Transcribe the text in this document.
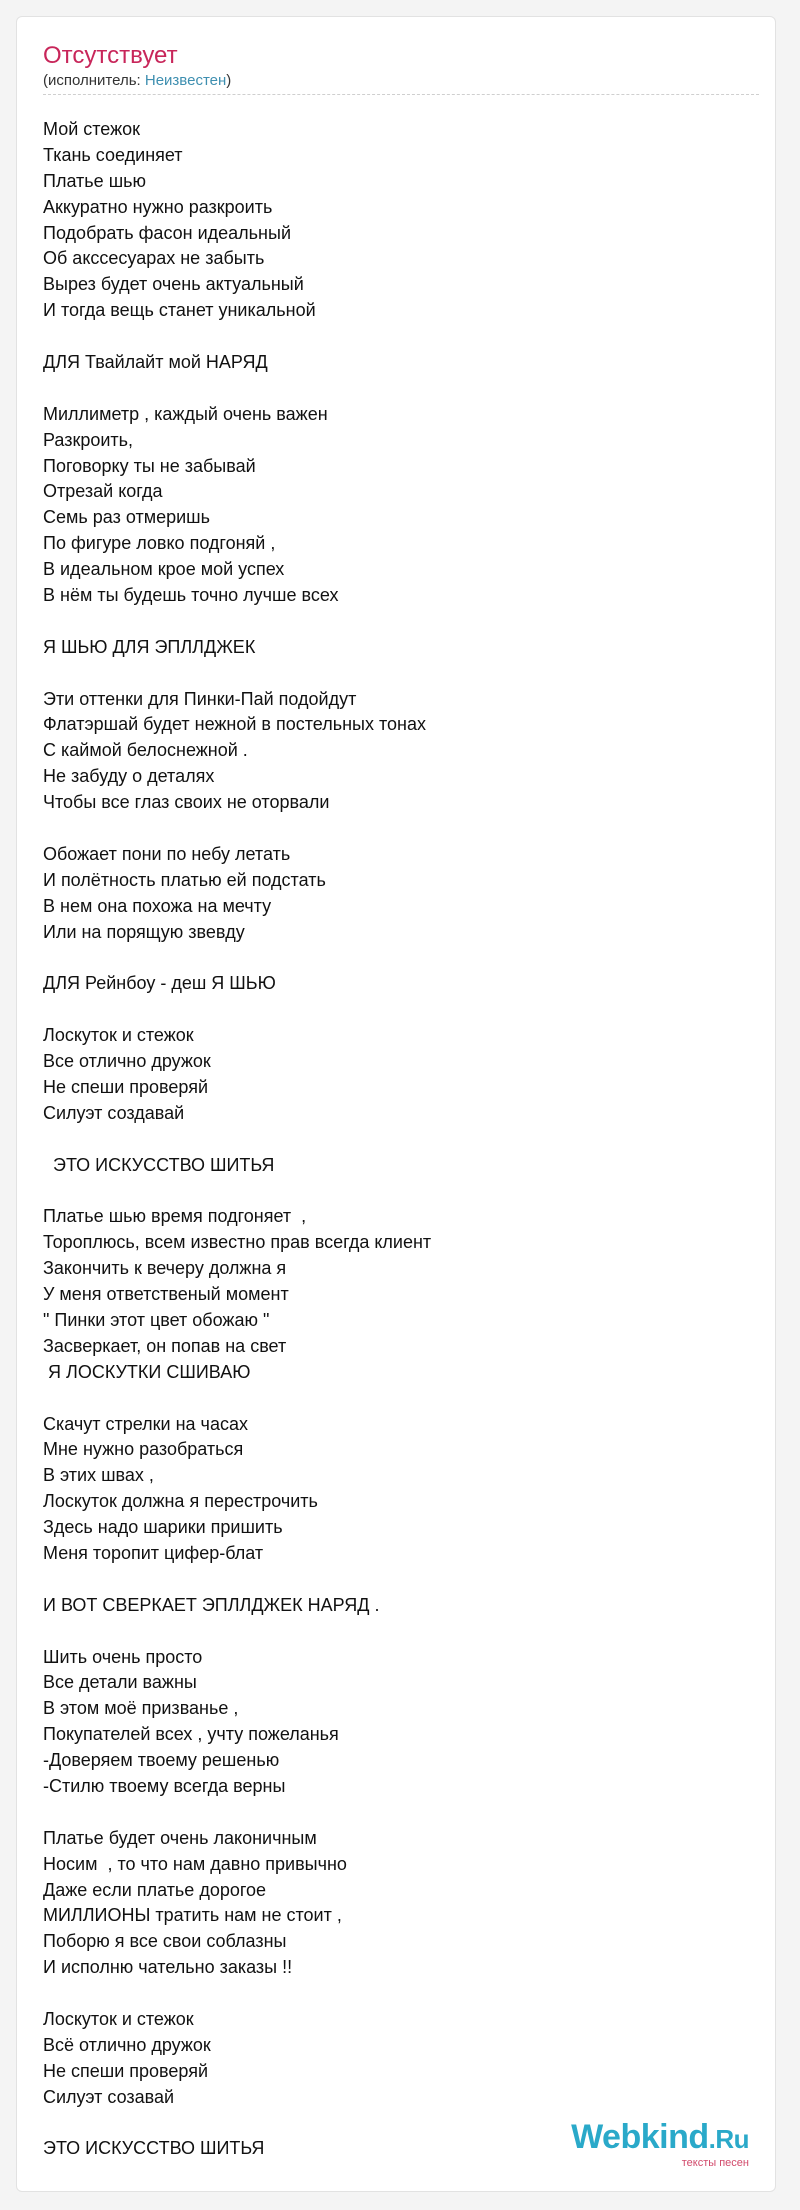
Отсутствует
(исполнитель: Неизвестен)
Мой стежок
Ткань соединяет
Платье шью
Аккуратно нужно разкроить
Подобрать фасон идеальный
Об акссесуарах не забыть
Вырез будет очень актуальный
И тогда вещь станет уникальной
ДЛЯ Твайлайт мой НАРЯД
Миллиметр , каждый очень важен
Разкроить,
Поговорку ты не забывай
Отрезай когда
Семь раз отмеришь
По фигуре ловко подгоняй ,
В идеальном крое мой успех
В нём ты будешь точно лучше всех
Я ШЬЮ ДЛЯ ЭПЛЛДЖЕК
Эти оттенки для Пинки-Пай подойдут
Флатэршай будет нежной в постельных тонах
С каймой белоснежной .
Не забуду о деталях
Чтобы все глаз своих не оторвали
Обожает пони по небу летать
И полётность платью ей подстать
В нем она похожа на мечту
Или на порящую звевду
ДЛЯ Рейнбоу - деш Я ШЬЮ
Лоскуток и стежок
Все отлично дружок
Не спеши проверяй
Силуэт создавай
ЭТО ИСКУССТВО ШИТЬЯ
Платье шью время подгоняет  ,
Тороплюсь, всем известно прав всегда клиент
Закончить к вечеру должна я
У меня ответственый момент
" Пинки этот цвет обожаю "
Засверкает, он попав на свет
Я ЛОСКУТКИ СШИВАЮ
Скачут стрелки на часах
Мне нужно разобраться
В этих швах ,
Лоскуток должна я перестрочить
Здесь надо шарики пришить
Меня торопит цифер-блат
И ВОТ СВЕРКАЕТ ЭПЛЛДЖЕК НАРЯД .
Шить очень просто
Все детали важны
В этом моё призванье ,
Покупателей всех , учту пожеланья
-Доверяем твоему решенью
-Стилю твоему всегда верны
Платье будет очень лаконичным
Носим  , то что нам давно привычно
Даже если платье дорогое
МИЛЛИОНЫ тратить нам не стоит ,
Поборю я все свои соблазны
И исполню чательно заказы !!
Лоскуток и стежок
Всё отлично дружок
Не спеши проверяй
Силуэт созавай
ЭТО ИСКУССТВО ШИТЬЯ	Webkind.Ru
тексты песен
